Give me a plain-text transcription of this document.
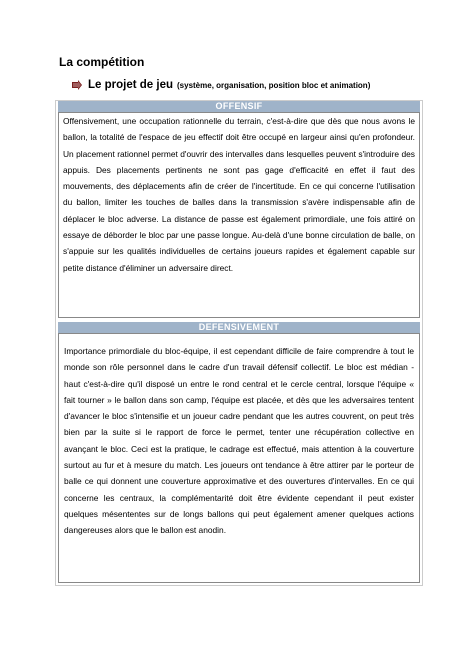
La compétition
Le projet de jeu (système, organisation, position bloc et animation)
OFFENSIF

Offensivement, une occupation rationnelle du terrain, c'est-à-dire que dès que nous avons le ballon, la totalité de l'espace de jeu effectif doit être occupé en largeur ainsi qu'en profondeur. Un placement rationnel permet d'ouvrir des intervalles dans lesquelles peuvent s'introduire des appuis. Des placements pertinents ne sont pas gage d'efficacité en effet il faut des mouvements, des déplacements afin de créer de l'incertitude. En ce qui concerne l'utilisation du ballon, limiter les touches de balles dans la transmission s'avère indispensable afin de déplacer le bloc adverse. La distance de passe est également primordiale, une fois attiré on essaye de déborder le bloc par une passe longue. Au-delà d'une bonne circulation de balle, on s'appuie sur les qualités individuelles de certains joueurs rapides et également capable sur petite distance d'éliminer un adversaire direct.

DEFENSIVEMENT

Importance primordiale du bloc-équipe, il est cependant difficile de faire comprendre à tout le monde son rôle personnel dans le cadre d'un travail défensif collectif. Le bloc est médian - haut c'est-à-dire qu'il disposé un entre le rond central et le cercle central, lorsque l'équipe « fait tourner » le ballon dans son camp, l'équipe est placée, et dès que les adversaires tentent d'avancer le bloc s'intensifie et un joueur cadre pendant que les autres couvrent, on peut très bien par la suite si le rapport de force le permet, tenter une récupération collective en avançant le bloc. Ceci est la pratique, le cadrage est effectué, mais attention à la couverture surtout au fur et à mesure du match. Les joueurs ont tendance à être attirer par le porteur de balle ce qui donnent une couverture approximative et des ouvertures d'intervalles. En ce qui concerne les centraux, la complémentarité doit être évidente cependant il peut exister quelques mésententes sur de longs ballons qui peut également amener quelques actions dangereuses alors que le ballon est anodin.
